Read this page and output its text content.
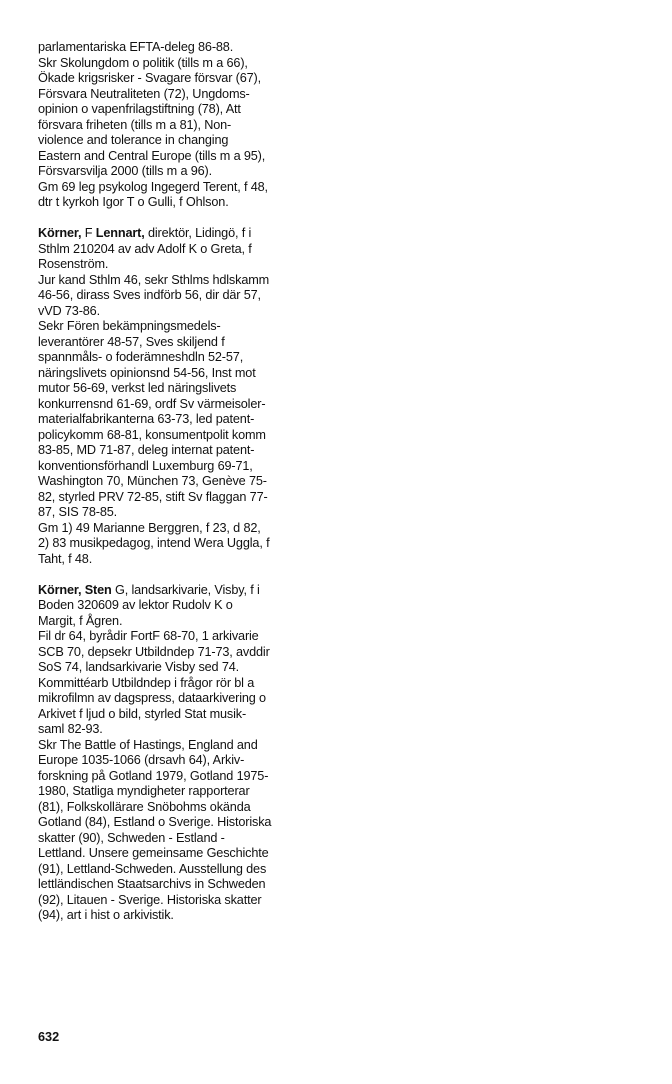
parlamentariska EFTA-deleg 86-88.
Skr Skolungdom o politik (tills m a 66),
Ökade krigsrisker - Svagare försvar (67),
Försvara Neutraliteten (72), Ungdoms-
opinion o vapenfrilagstiftning (78), Att
försvara friheten (tills m a 81), Non-
violence and tolerance in changing
Eastern and Central Europe (tills m a 95),
Försvarsvilja 2000 (tills m a 96).
Gm 69 leg psykolog Ingegerd Terent, f 48,
dtr t kyrkoh Igor T o Gulli, f Ohlson.
Körner, F Lennart, direktör, Lidingö, f i
Sthlm 210204 av adv Adolf K o Greta, f
Rosenström.
Jur kand Sthlm 46, sekr Sthlms hdlskamm
46-56, dirass Sves indförb 56, dir där 57,
vVD 73-86.
Sekr Fören bekämpningsmedels-
leverantörer 48-57, Sves skiljend f
spannmåls- o foderämneshdln 52-57,
näringslivets opinionsnd 54-56, Inst mot
mutor 56-69, verkst led näringslivets
konkurrensnd 61-69, ordf Sv värmeisoler-
materialfabrikanterna 63-73, led patent-
policykomm 68-81, konsumentpolit komm
83-85, MD 71-87, deleg internat patent-
konventionsförhandl Luxemburg 69-71,
Washington 70, München 73, Genève 75-
82, styrled PRV 72-85, stift Sv flaggan 77-
87, SIS 78-85.
Gm 1) 49 Marianne Berggren, f 23, d 82,
2) 83 musikpedagog, intend Wera Uggla, f
Taht, f 48.
Körner, Sten G, landsarkivarie, Visby, f i
Boden 320609 av lektor Rudolv K o
Margit, f Ågren.
Fil dr 64, byrådir FortF 68-70, 1 arkivarie
SCB 70, depsekr Utbildndep 71-73, avddir
SoS 74, landsarkivarie Visby sed 74.
Kommittéarb Utbildndep i frågor rör bl a
mikrofilmn av dagspress, dataarkivering o
Arkivet f ljud o bild, styrled Stat musik-
saml 82-93.
Skr The Battle of Hastings, England and
Europe 1035-1066 (drsavh 64), Arkiv-
forskning på Gotland 1979, Gotland 1975-
1980, Statliga myndigheter rapporterar
(81), Folkskollärare Snöbohms okända
Gotland (84), Estland o Sverige. Historiska
skatter (90), Schweden - Estland -
Lettland. Unsere gemeinsame Geschichte
(91), Lettland-Schweden. Ausstellung des
lettländischen Staatsarchivs in Schweden
(92), Litauen - Sverige. Historiska skatter
(94), art i hist o arkivistik.
632
